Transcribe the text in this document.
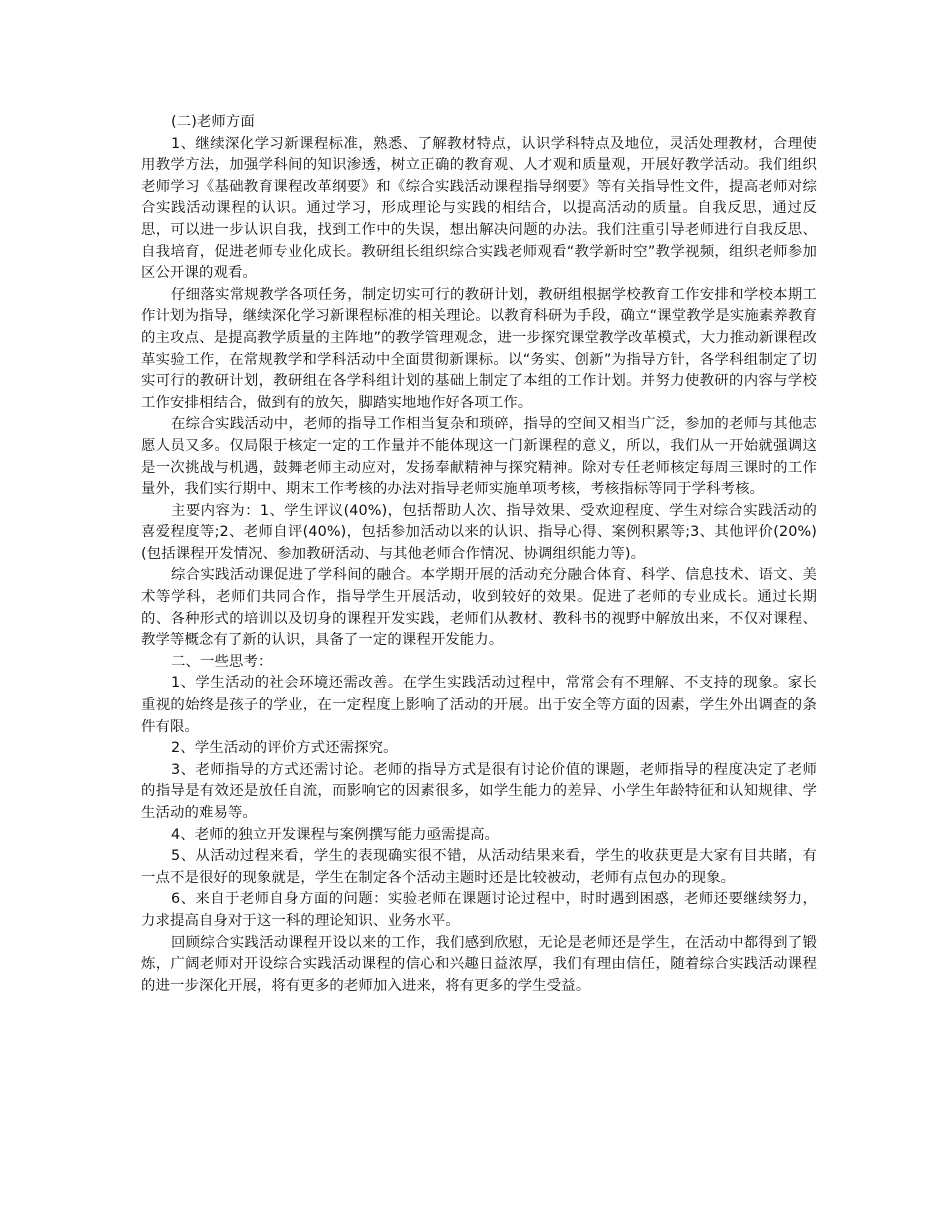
(二)老师方面

1、继续深化学习新课程标准，熟悉、了解教材特点，认识学科特点及地位，灵活处理教材，合理使用教学方法，加强学科间的知识渗透，树立正确的教育观、人才观和质量观，开展好教学活动。我们组织老师学习《基础教育课程改革纲要》和《综合实践活动课程指导纲要》等有关指导性文件，提高老师对综合实践活动课程的认识。通过学习，形成理论与实践的相结合，以提高活动的质量。自我反思，通过反思，可以进一步认识自我，找到工作中的失误，想出解决问题的办法。我们注重引导老师进行自我反思、自我培育，促进老师专业化成长。教研组长组织综合实践老师观看“教学新时空”教学视频，组织老师参加区公开课的观看。

仔细落实常规教学各项任务，制定切实可行的教研计划，教研组根据学校教育工作安排和学校本期工作计划为指导，继续深化学习新课程标准的相关理论。以教育科研为手段，确立“课堂教学是实施素养教育的主攻点、是提高教学质量的主阵地”的教学管理观念，进一步探究课堂教学改革模式，大力推动新课程改革实验工作，在常规教学和学科活动中全面贯彻新课标。以“务实、创新”为指导方针，各学科组制定了切实可行的教研计划，教研组在各学科组计划的基础上制定了本组的工作计划。并努力使教研的内容与学校工作安排相结合，做到有的放矢，脚踏实地地作好各项工作。

在综合实践活动中，老师的指导工作相当复杂和琐碎，指导的空间又相当广泛，参加的老师与其他志愿人员又多。仅局限于核定一定的工作量并不能体现这一门新课程的意义，所以，我们从一开始就强调这是一次挑战与机遇，鼓舞老师主动应对，发扬奉献精神与探究精神。除对专任老师核定每周三课时的工作量外，我们实行期中、期末工作考核的办法对指导老师实施单项考核，考核指标等同于学科考核。

主要内容为：1、学生评议(40%)，包括帮助人次、指导效果、受欢迎程度、学生对综合实践活动的喜爱程度等;2、老师自评(40%)，包括参加活动以来的认识、指导心得、案例积累等;3、其他评价(20%)(包括课程开发情况、参加教研活动、与其他老师合作情况、协调组织能力等)。

综合实践活动课促进了学科间的融合。本学期开展的活动充分融合体育、科学、信息技术、语文、美术等学科，老师们共同合作，指导学生开展活动，收到较好的效果。促进了老师的专业成长。通过长期的、各种形式的培训以及切身的课程开发实践，老师们从教材、教科书的视野中解放出来，不仅对课程、教学等概念有了新的认识，具备了一定的课程开发能力。

二、一些思考：

1、学生活动的社会环境还需改善。在学生实践活动过程中，常常会有不理解、不支持的现象。家长重视的始终是孩子的学业，在一定程度上影响了活动的开展。出于安全等方面的因素，学生外出调查的条件有限。

2、学生活动的评价方式还需探究。

3、老师指导的方式还需讨论。老师的指导方式是很有讨论价值的课题，老师指导的程度决定了老师的指导是有效还是放任自流，而影响它的因素很多，如学生能力的差异、小学生年龄特征和认知规律、学生活动的难易等。

4、老师的独立开发课程与案例撰写能力亟需提高。

5、从活动过程来看，学生的表现确实很不错，从活动结果来看，学生的收获更是大家有目共睹，有一点不是很好的现象就是，学生在制定各个活动主题时还是比较被动，老师有点包办的现象。

6、来自于老师自身方面的问题：实验老师在课题讨论过程中，时时遇到困惑，老师还要继续努力，力求提高自身对于这一科的理论知识、业务水平。

回顾综合实践活动课程开设以来的工作，我们感到欣慰，无论是老师还是学生，在活动中都得到了锻炼，广阔老师对开设综合实践活动课程的信心和兴趣日益浓厚，我们有理由信任，随着综合实践活动课程的进一步深化开展，将有更多的老师加入进来，将有更多的学生受益。
